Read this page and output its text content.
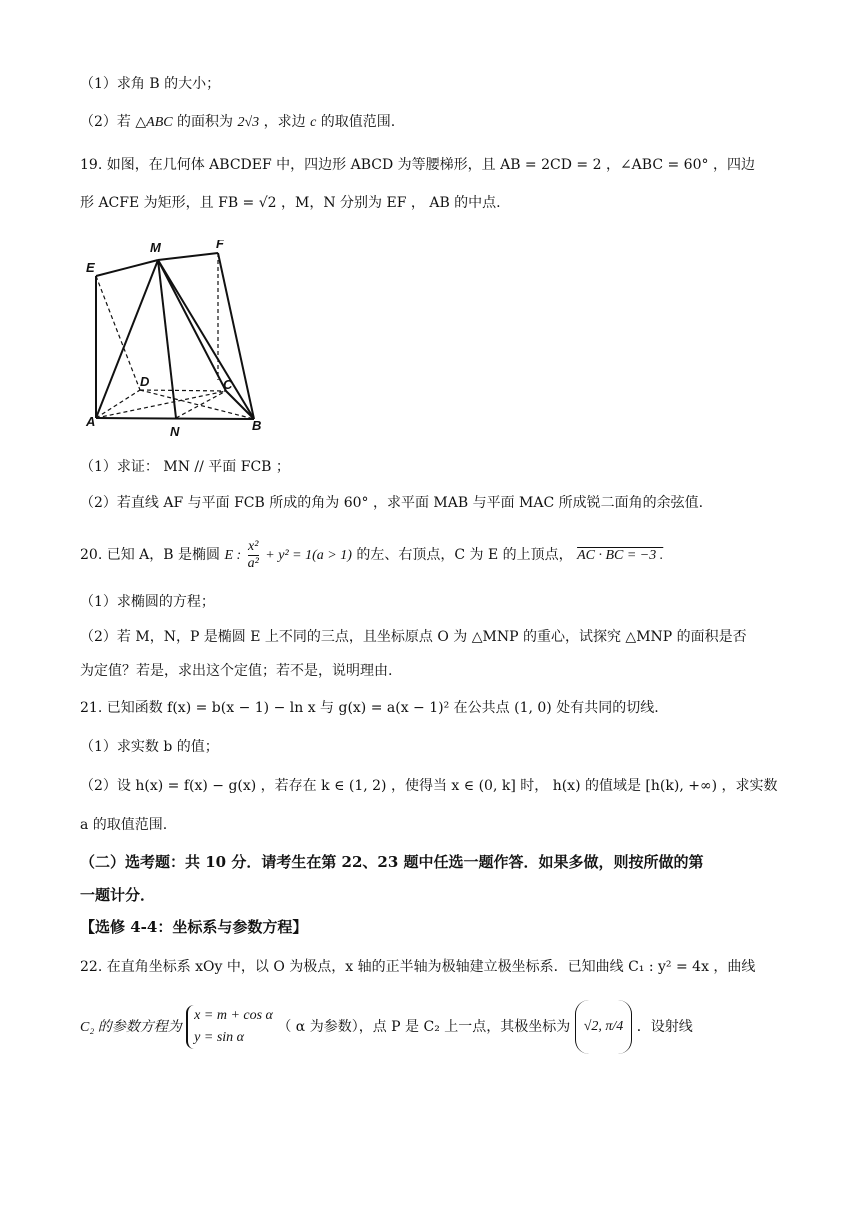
（1）求角 B 的大小；
（2）若 △ABC 的面积为 2√3 ，求边 c 的取值范围.
19. 如图，在几何体 ABCDEF 中，四边形 ABCD 为等腰梯形，且 AB = 2CD = 2 ，∠ABC = 60° ，四边
形 ACFE 为矩形，且 FB = √2 ，M，N 分别为 EF ， AB 的中点.
M	F
E
D	C
A
N	B
（1）求证： MN // 平面 FCB ；
（2）若直线 AF 与平面 FCB 所成的角为 60° ，求平面 MAB 与平面 MAC 所成锐二面角的余弦值.
20. 已知 A，B 是椭圆 E : $\frac{\text{x²}}{\text{a²}} + y^2 = 1(a > 1)$ 的左、右顶点，C 为 E 的上顶点， AC · BC = −3 .
（1）求椭圆的方程；
（2）若 M，N，P 是椭圆 E 上不同的三点，且坐标原点 O 为 △MNP 的重心，试探究 △MNP 的面积是否
为定值？若是，求出这个定值；若不是，说明理由.
21. 已知函数 f(x) = b(x − 1) − ln x 与 g(x) = a(x − 1)² 在公共点 (1, 0) 处有共同的切线.
（1）求实数 b 的值；
（2）设 h(x) = f(x) − g(x) ，若存在 k ∈ (1, 2) ，使得当 x ∈ (0, k] 时， h(x) 的值域是 [h(k), +∞) ，求实数
a 的取值范围.
（二）选考题：共 10 分．请考生在第 22、23 题中任选一题作答．如果多做，则按所做的第
一题计分．
【选修 4-4：坐标系与参数方程】
22. 在直角坐标系 xOy 中，以 O 为极点，x 轴的正半轴为极轴建立极坐标系．已知曲线 C₁ : y² = 4x ，曲线
C₂ 的参数方程为
x = m + cos α
y = sin α
（ α 为参数），点 P 是 C₂ 上一点，其极坐标为 √2, π/4 ．设射线
